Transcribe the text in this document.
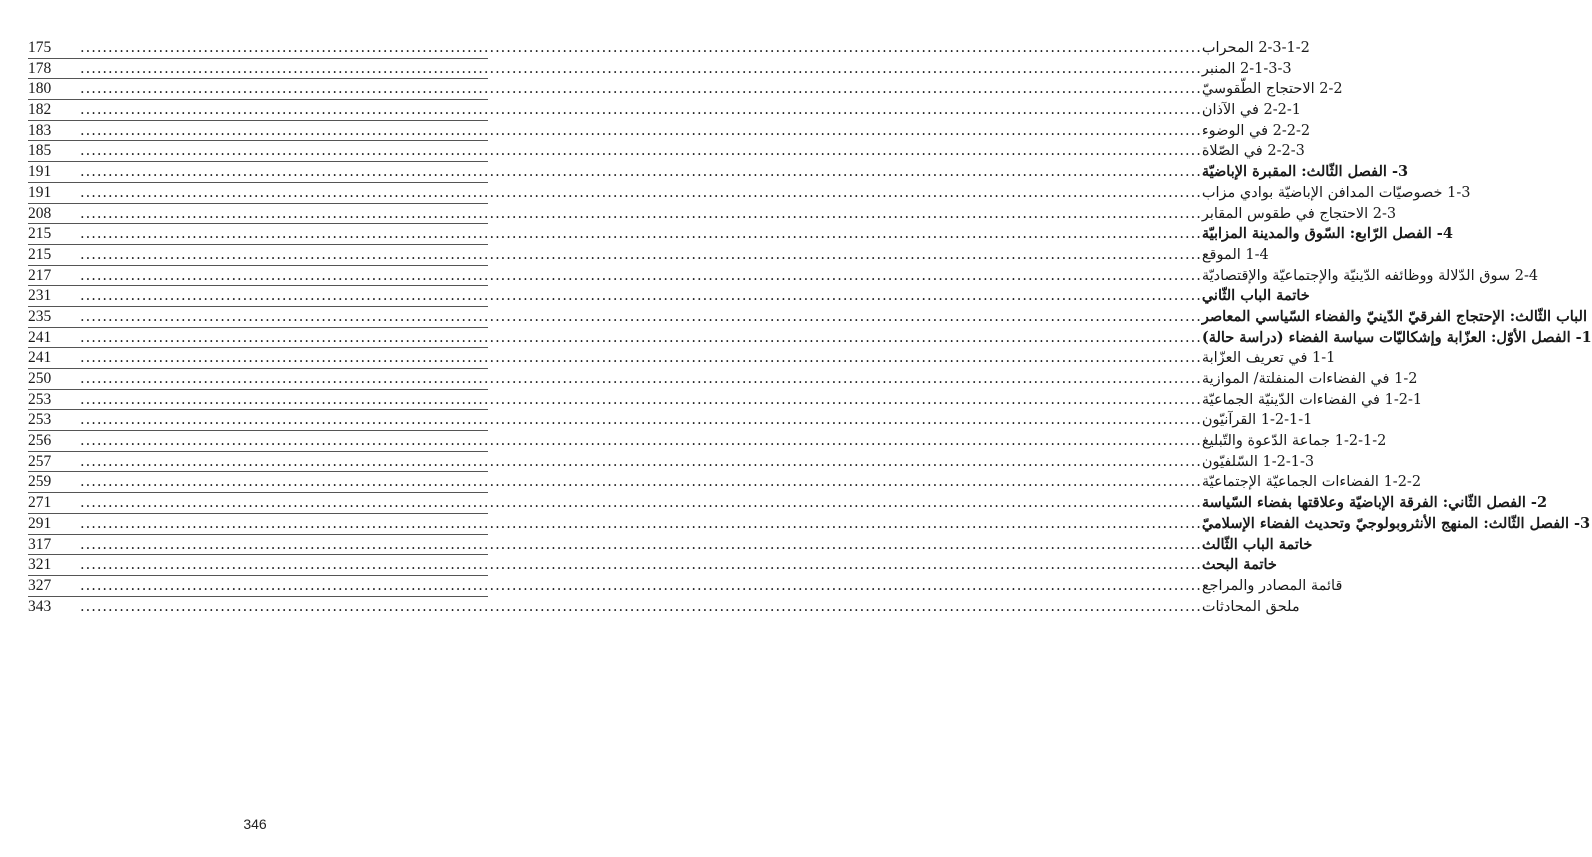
175	2-3-1-2 المحراب
........................................................................................................................................................................................................
178	2-1-3-3 المنبر
........................................................................................................................................................................................................
180	2-2 الاحتجاج الطّقوسيّ
........................................................................................................................................................................................................
182	2-2-1 في الآذان
........................................................................................................................................................................................................
183	2-2-2 في الوضوء
........................................................................................................................................................................................................
185	2-2-3 في الصّلاة
........................................................................................................................................................................................................
191	3- الفصل الثّالث: المقبرة الإباضيّة
........................................................................................................................................................................................................
191	1-3 خصوصيّات المدافن الإباضيّة بوادي مزاب
........................................................................................................................................................................................................
208	2-3 الاحتجاج في طقوس المقابر
........................................................................................................................................................................................................
215	4- الفصل الرّابع: السّوق والمدينة المزابيّة
........................................................................................................................................................................................................
215	1-4 الموقع
........................................................................................................................................................................................................
217	2-4 سوق الدّلالة ووظائفه الدّينيّة والإجتماعيّة والإقتصاديّة
........................................................................................................................................................................................................
231	خاتمة الباب الثّاني
........................................................................................................................................................................................................
235	الباب الثّالث: الإحتجاج الفرقيّ الدّينيّ والفضاء السّياسي المعاصر
........................................................................................................................................................................................................
241	1- الفصل الأوّل: العزّابة وإشكاليّات سياسة الفضاء (دراسة حالة)
........................................................................................................................................................................................................
241	1-1 في تعريف العزّابة
........................................................................................................................................................................................................
250	1-2 في الفضاءات المنفلتة/ الموازية
........................................................................................................................................................................................................
253	1-2-1 في الفضاءات الدّينيّة الجماعيّة
........................................................................................................................................................................................................
253	1-2-1-1 القرآنيّون
........................................................................................................................................................................................................
256	1-2-1-2 جماعة الدّعوة والتّبليغ
........................................................................................................................................................................................................
257	1-2-1-3 السّلفيّون
........................................................................................................................................................................................................
259	1-2-2 الفضاءات الجماعيّة الإجتماعيّة
........................................................................................................................................................................................................
271	2- الفصل الثّاني: الفرقة الإباضيّة وعلاقتها بفضاء السّياسة
........................................................................................................................................................................................................
291	3- الفصل الثّالث: المنهج الأنثروبولوجيّ وتحديث الفضاء الإسلاميّ
........................................................................................................................................................................................................
317	خاتمة الباب الثّالث
........................................................................................................................................................................................................
321	خاتمة البحث
........................................................................................................................................................................................................
327	قائمة المصادر والمراجع
........................................................................................................................................................................................................
343	ملحق المحادثات
........................................................................................................................................................................................................
346
